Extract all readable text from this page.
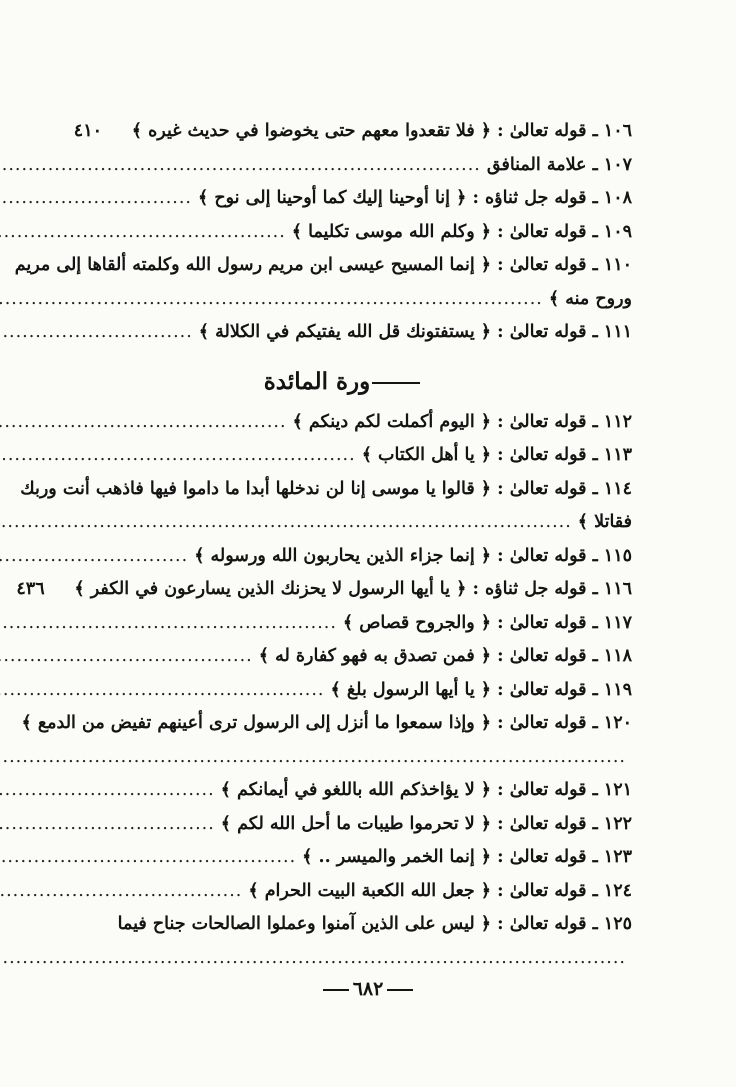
١٠٦ ـ قوله تعالىٰ : ﴿ فلا تقعدوا معهم حتى يخوضوا في حديث غيره ﴾
٤١٠
١٠٧ ـ علامة المنافق
.....
١٠٨ ـ قوله جل ثناؤه : ﴿ إنا أوحينا إليك كما أوحينا إلى نوح ﴾
.....
١٠٩ ـ قوله تعالىٰ : ﴿ وكلم الله موسى تكليما ﴾
.....
١١٠ ـ قوله تعالىٰ : ﴿ إنما المسيح عيسى ابن مريم رسول الله وكلمته ألقاها إلى مريم
وروح منه ﴾
.....
١١١ ـ قوله تعالىٰ : ﴿ يستفتونك قل الله يفتيكم في الكلالة ﴾
.....
ورة المائدة
١١٢ ـ قوله تعالىٰ : ﴿ اليوم أكملت لكم دينكم ﴾
.....
١١٣ ـ قوله تعالىٰ : ﴿ يا أهل الكتاب ﴾
.....
١١٤ ـ قوله تعالىٰ : ﴿ قالوا يا موسى إنا لن ندخلها أبدا ما داموا فيها فاذهب أنت وربك
فقاتلا ﴾
.....
١١٥ ـ قوله تعالىٰ : ﴿ إنما جزاء الذين يحاربون الله ورسوله ﴾
.....
١١٦ ـ قوله جل ثناؤه : ﴿ يا أيها الرسول لا يحزنك الذين يسارعون في الكفر ﴾
٤٣٦
١١٧ ـ قوله تعالىٰ : ﴿ والجروح قصاص ﴾
.....
١١٨ ـ قوله تعالىٰ : ﴿ فمن تصدق به فهو كفارة له ﴾
.....
١١٩ ـ قوله تعالىٰ : ﴿ يا أيها الرسول بلغ ﴾
.....
١٢٠ ـ قوله تعالىٰ : ﴿ وإذا سمعوا ما أنزل إلى الرسول ترى أعينهم تفيض من الدمع ﴾
.....
١٢١ ـ قوله تعالىٰ : ﴿ لا يؤاخذكم الله باللغو في أيمانكم ﴾
.....
١٢٢ ـ قوله تعالىٰ : ﴿ لا تحرموا طيبات ما أحل الله لكم ﴾
.....
١٢٣ ـ قوله تعالىٰ : ﴿ إنما الخمر والميسر .. ﴾
.....
١٢٤ ـ قوله تعالىٰ : ﴿ جعل الله الكعبة البيت الحرام ﴾
.....
١٢٥ ـ قوله تعالىٰ : ﴿ ليس على الذين آمنوا وعملوا الصالحات جناح فيما
.....
٦٨٢
